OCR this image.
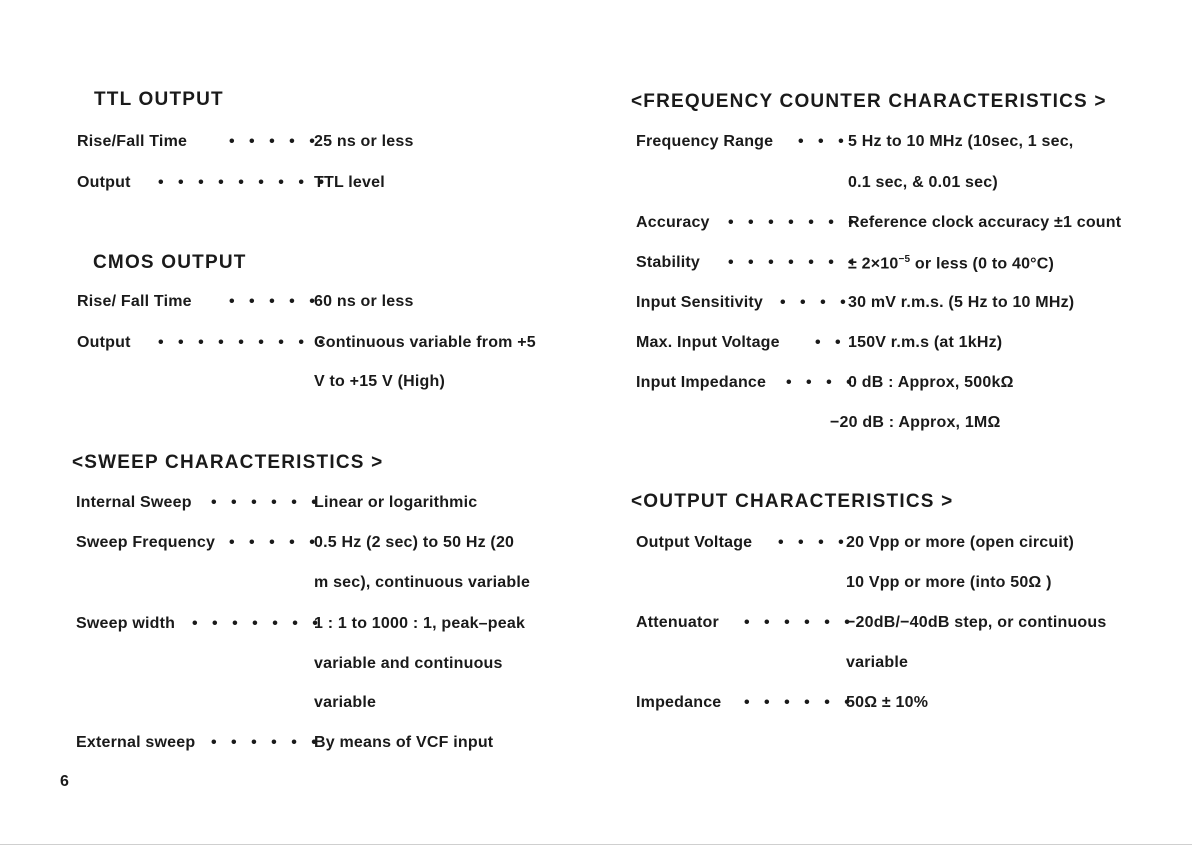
TTL OUTPUT
Rise/Fall Time	• • • • •
25 ns or less
Output • • • • • • • • •
TTL level
CMOS OUTPUT
Rise/ Fall Time • • • • •
60 ns or less
Output • • • • • • • • •
Continuous variable from +5
V to +15 V (High)
<SWEEP CHARACTERISTICS >
Internal Sweep • • • • • •
Linear or logarithmic
Sweep Frequency • • • • •
0.5 Hz (2 sec) to 50 Hz (20
m sec), continuous variable
Sweep width • • • • • • •
1 : 1 to 1000 : 1, peak–peak
variable and continuous
variable
External sweep • • • • • •
By means of VCF input
6
<FREQUENCY COUNTER CHARACTERISTICS >
Frequency Range • • • 5 Hz to 10 MHz (10sec, 1 sec,
0.1 sec, & 0.01 sec)
Accuracy • • • • • • •
Reference clock accuracy ±1 count
Stability • • • • • • •
± $2\times 10^{-5}$ or less (0 to 40°C)
Input Sensitivity • • • •
30 mV r.m.s. (5 Hz to 10 MHz)
Max. Input Voltage • • 150V r.m.s (at 1kHz)
Input Impedance • • • •
0 dB : Approx, 500kΩ
−20 dB : Approx, 1MΩ
<OUTPUT CHARACTERISTICS >
Output Voltage • • • •
20 Vpp or more (open circuit)
10 Vpp or more (into 50Ω )
Attenuator • • • • • •
−20dB/−40dB step, or continuous
variable
Impedance • • • • • •
50Ω ± 10%
